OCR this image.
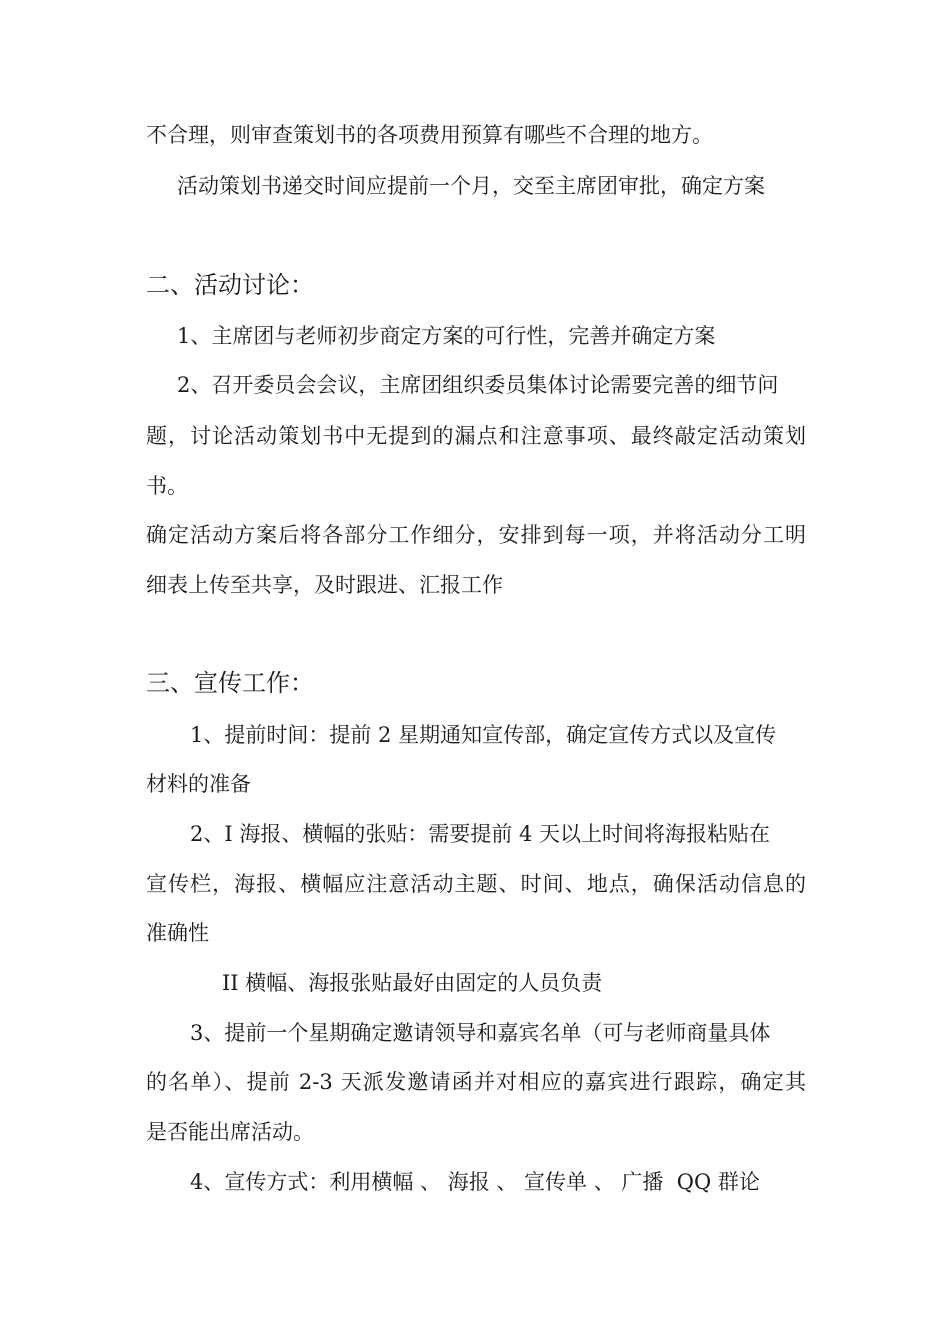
不合理，则审查策划书的各项费用预算有哪些不合理的地方。
活动策划书递交时间应提前一个月，交至主席团审批，确定方案
二、活动讨论：
1、主席团与老师初步商定方案的可行性，完善并确定方案
2、召开委员会会议，主席团组织委员集体讨论需要完善的细节问
题，讨论活动策划书中无提到的漏点和注意事项、最终敲定活动策划
书。
确定活动方案后将各部分工作细分，安排到每一项，并将活动分工明
细表上传至共享，及时跟进、汇报工作
三、宣传工作：
1、提前时间：提前 2 星期通知宣传部，确定宣传方式以及宣传
材料的准备
2、I 海报、横幅的张贴：需要提前 4 天以上时间将海报粘贴在
宣传栏，海报、横幅应注意活动主题、时间、地点，确保活动信息的
准确性
II 横幅、海报张贴最好由固定的人员负责
3、提前一个星期确定邀请领导和嘉宾名单（可与老师商量具体
的名单）、提前 2-3 天派发邀请函并对相应的嘉宾进行跟踪，确定其
是否能出席活动。
4、宣传方式：利用横幅 、 海报 、 宣传单 、 广播  QQ 群论
